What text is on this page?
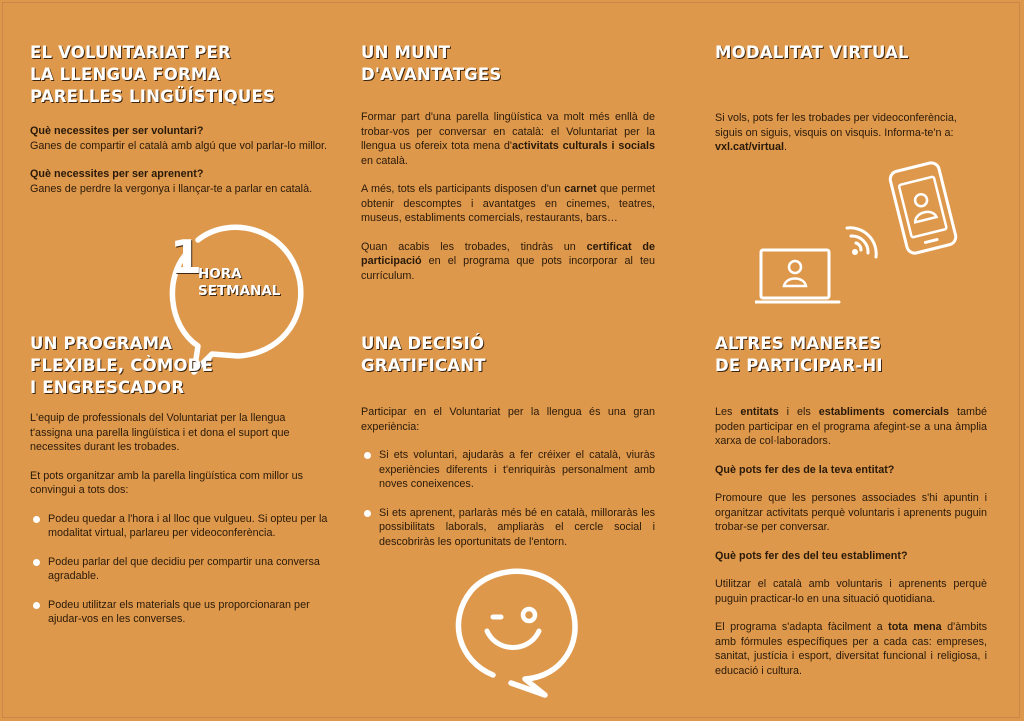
EL VOLUNTARIAT PER
LA LLENGUA FORMA
PARELLES LINGÜÍSTIQUES

Què necessites per ser voluntari?

Ganes de compartir el català amb algú que vol parlar-lo millor.

Què necessites per ser aprenent?

Ganes de perdre la vergonya i llançar-te a parlar en català.

1
HORA
SETMANAL
UN PROGRAMA
FLEXIBLE, CÒMODE
I ENGRESCADOR

L'equip de professionals del Voluntariat per la llengua t'assigna una parella lingüística i et dona el suport que necessites durant les trobades.

Et pots organitzar amb la parella lingüística com millor us convingui a tots dos:

Podeu quedar a l'hora i al lloc que vulgueu. Si opteu per la modalitat virtual, parlareu per videoconferència.
Podeu parlar del que decidiu per compartir una conversa agradable.
Podeu utilitzar els materials que us proporcionaran per ajudar-vos en les converses.
UN MUNT
D'AVANTATGES

Formar part d'una parella lingüística va molt més enllà de trobar-vos per conversar en català: el Voluntariat per la llengua us ofereix tota mena d'activitats culturals i socials en català.

A més, tots els participants disposen d'un carnet que permet obtenir descomptes i avantatges en cinemes, teatres, museus, establiments comercials, restaurants, bars…

Quan acabis les trobades, tindràs un certificat de participació en el programa que pots incorporar al teu currículum.

UNA DECISIÓ
GRATIFICANT

Participar en el Voluntariat per la llengua és una gran experiència:

Si ets voluntari, ajudaràs a fer créixer el català, viuràs experiències diferents i t'enriquiràs personalment amb noves coneixences.
Si ets aprenent, parlaràs més bé en català, milloraràs les possibilitats laborals, ampliaràs el cercle social i descobriràs les oportunitats de l'entorn.
MODALITAT VIRTUAL

Si vols, pots fer les trobades per videoconferència, siguis on siguis, visquis on visquis. Informa-te'n a:
vxl.cat/virtual.

ALTRES MANERES
DE PARTICIPAR-HI

Les entitats i els establiments comercials també poden participar en el programa afegint-se a una àmplia xarxa de col·laboradors.

Què pots fer des de la teva entitat?

Promoure que les persones associades s'hi apuntin i organitzar activitats perquè voluntaris i aprenents puguin trobar-se per conversar.

Què pots fer des del teu establiment?

Utilitzar el català amb voluntaris i aprenents perquè puguin practicar-lo en una situació quotidiana.

El programa s'adapta fàcilment a tota mena d'àmbits amb fórmules específiques per a cada cas: empreses, sanitat, justícia i esport, diversitat funcional i religiosa, i educació i cultura.
